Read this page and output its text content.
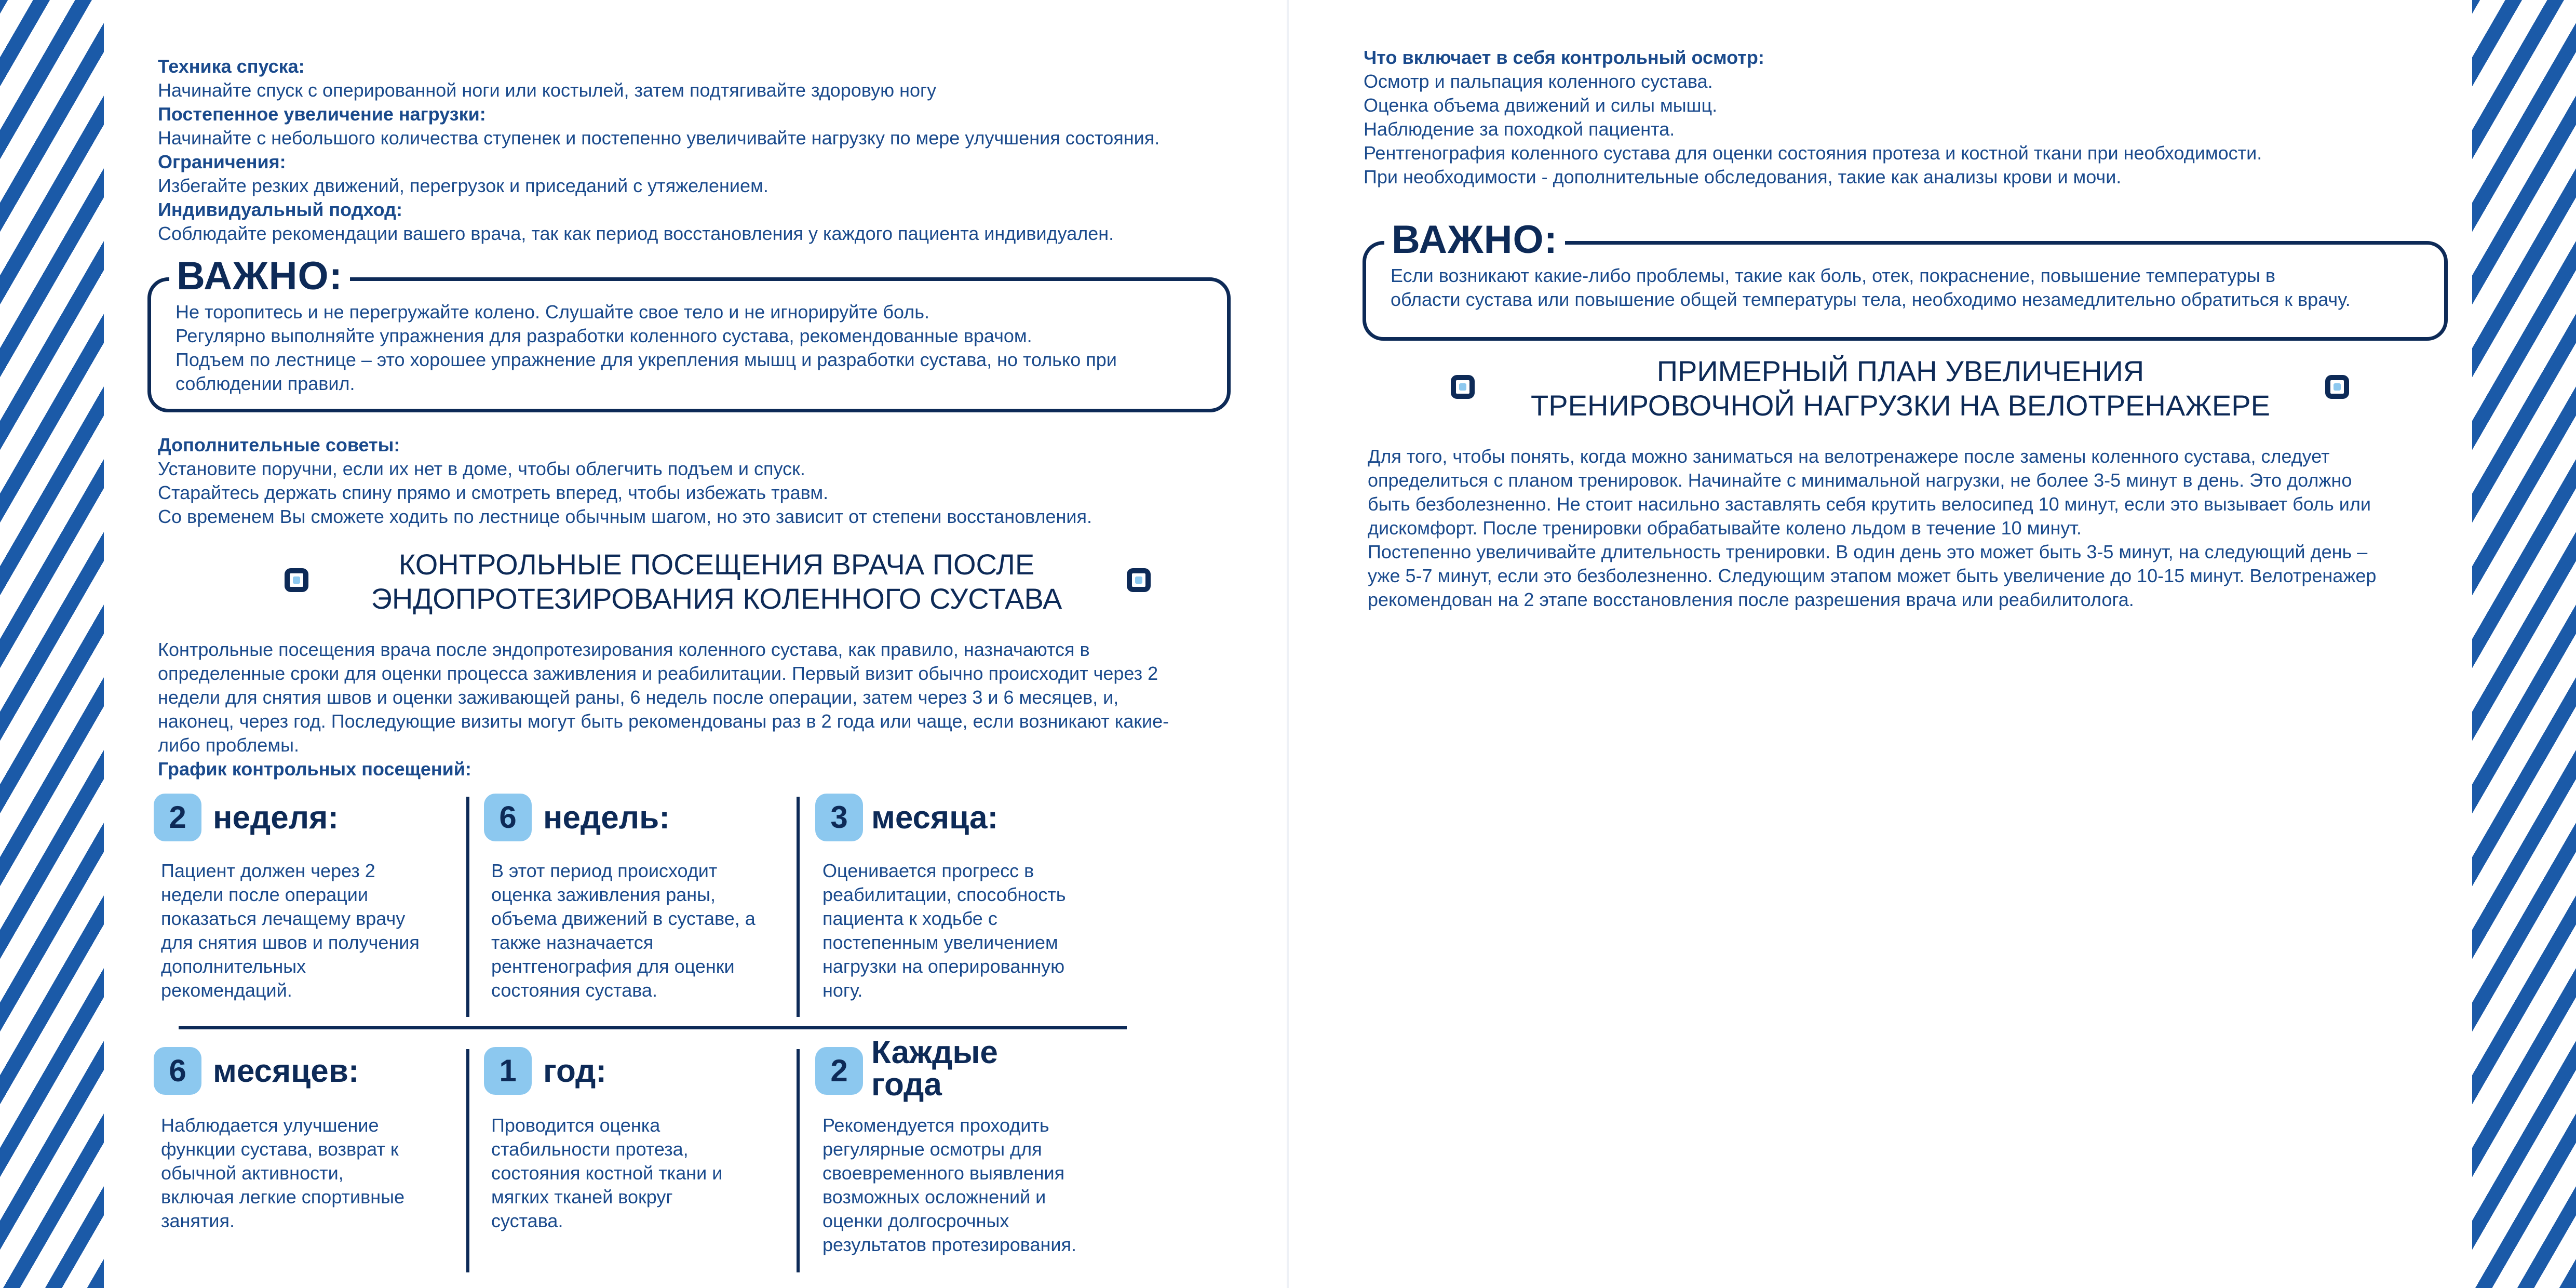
Техника спуска:
Начинайте спуск с оперированной ноги или костылей, затем подтягивайте здоровую ногу
Постепенное увеличение нагрузки:
Начинайте с небольшого количества ступенек и постепенно увеличивайте нагрузку по мере улучшения состояния.
Ограничения:
Избегайте резких движений, перегрузок и приседаний с утяжелением.
Индивидуальный подход:
Соблюдайте рекомендации вашего врача, так как период восстановления у каждого пациента индивидуален.
ВАЖНО:
Не торопитесь и не перегружайте колено. Слушайте свое тело и не игнорируйте боль.
Регулярно выполняйте упражнения для разработки коленного сустава, рекомендованные врачом.
Подъем по лестнице – это хорошее упражнение для укрепления мышц и разработки сустава, но только при
соблюдении правил.
Дополнительные советы:
Установите поручни, если их нет в доме, чтобы облегчить подъем и спуск.
Старайтесь держать спину прямо и смотреть вперед, чтобы избежать травм.
Со временем Вы сможете ходить по лестнице обычным шагом, но это зависит от степени восстановления.
КОНТРОЛЬНЫЕ ПОСЕЩЕНИЯ ВРАЧА ПОСЛЕ
ЭНДОПРОТЕЗИРОВАНИЯ КОЛЕННОГО СУСТАВА
Контрольные посещения врача после эндопротезирования коленного сустава, как правило, назначаются в
определенные сроки для оценки процесса заживления и реабилитации. Первый визит обычно происходит через 2
недели для снятия швов и оценки заживающей раны, 6 недель после операции, затем через 3 и 6 месяцев, и,
наконец, через год. Последующие визиты могут быть рекомендованы раз в 2 года или чаще, если возникают какие-
либо проблемы.
График контрольных посещений:
2 неделя:
Пациент должен через 2
недели после операции
показаться лечащему врачу
для снятия швов и получения
дополнительных
рекомендаций.
6 недель:
В этот период происходит
оценка заживления раны,
объема движений в суставе, а
также назначается
рентгенография для оценки
состояния сустава.
3 месяца:
Оценивается прогресс в
реабилитации, способность
пациента к ходьбе с
постепенным увеличением
нагрузки на оперированную
ногу.
6 месяцев:
Наблюдается улучшение
функции сустава, возврат к
обычной активности,
включая легкие спортивные
занятия.
1 год:
Проводится оценка
стабильности протеза,
состояния костной ткани и
мягких тканей вокруг
сустава.
2
Каждые
года
Рекомендуется проходить
регулярные осмотры для
своевременного выявления
возможных осложнений и
оценки долгосрочных
результатов протезирования.
Что включает в себя контрольный осмотр:
Осмотр и пальпация коленного сустава.
Оценка объема движений и силы мышц.
Наблюдение за походкой пациента.
Рентгенография коленного сустава для оценки состояния протеза и костной ткани при необходимости.
При необходимости - дополнительные обследования, такие как анализы крови и мочи.
ВАЖНО:
Если возникают какие-либо проблемы, такие как боль, отек, покраснение, повышение температуры в
области сустава или повышение общей температуры тела, необходимо незамедлительно обратиться к врачу.
ПРИМЕРНЫЙ ПЛАН УВЕЛИЧЕНИЯ
ТРЕНИРОВОЧНОЙ НАГРУЗКИ НА ВЕЛОТРЕНАЖЕРЕ
Для того, чтобы понять, когда можно заниматься на велотренажере после замены коленного сустава, следует
определиться с планом тренировок. Начинайте с минимальной нагрузки, не более 3-5 минут в день. Это должно
быть безболезненно. Не стоит насильно заставлять себя крутить велосипед 10 минут, если это вызывает боль или
дискомфорт. После тренировки обрабатывайте колено льдом в течение 10 минут.
Постепенно увеличивайте длительность тренировки. В один день это может быть 3-5 минут, на следующий день –
уже 5-7 минут, если это безболезненно. Следующим этапом может быть увеличение до 10-15 минут. Велотренажер
рекомендован на 2 этапе восстановления после разрешения врача или реабилитолога.
